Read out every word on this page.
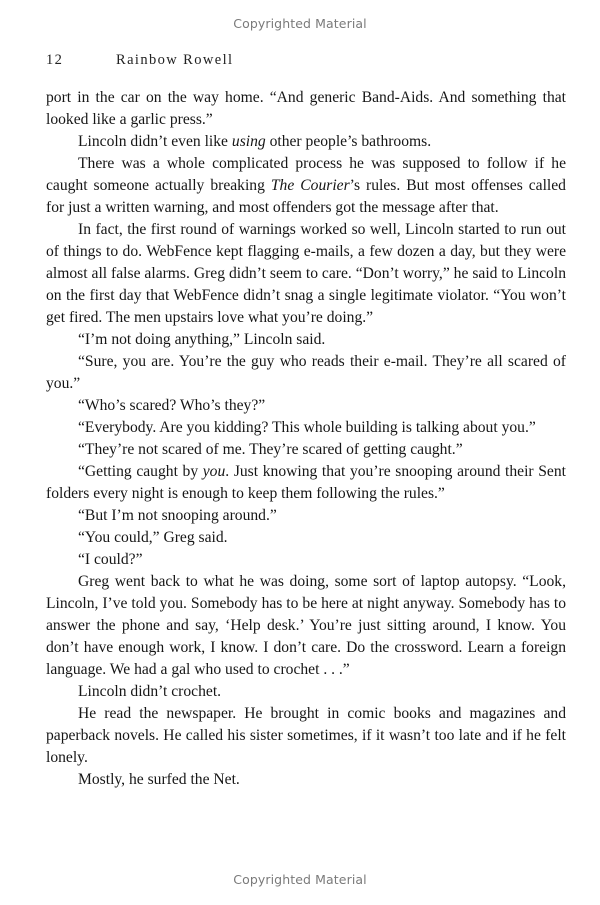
Copyrighted Material
12	Rainbow Rowell

port in the car on the way home. “And generic Band-Aids. And something that looked like a garlic press.”

Lincoln didn’t even like using other people’s bathrooms.

There was a whole complicated process he was supposed to follow if he caught someone actually breaking The Courier’s rules. But most offenses called for just a written warning, and most offenders got the message after that.

In fact, the first round of warnings worked so well, Lincoln started to run out of things to do. WebFence kept flagging e-mails, a few dozen a day, but they were almost all false alarms. Greg didn’t seem to care. “Don’t worry,” he said to Lincoln on the first day that WebFence didn’t snag a single legitimate violator. “You won’t get fired. The men upstairs love what you’re doing.”

“I’m not doing anything,” Lincoln said.

“Sure, you are. You’re the guy who reads their e-mail. They’re all scared of you.”

“Who’s scared? Who’s they?”

“Everybody. Are you kidding? This whole building is talking about you.”

“They’re not scared of me. They’re scared of getting caught.”

“Getting caught by you. Just knowing that you’re snooping around their Sent folders every night is enough to keep them following the rules.”

“But I’m not snooping around.”

“You could,” Greg said.

“I could?”

Greg went back to what he was doing, some sort of laptop autopsy. “Look, Lincoln, I’ve told you. Somebody has to be here at night anyway. Somebody has to answer the phone and say, ‘Help desk.’ You’re just sitting around, I know. You don’t have enough work, I know. I don’t care. Do the crossword. Learn a foreign language. We had a gal who used to crochet . . .”

Lincoln didn’t crochet.

He read the newspaper. He brought in comic books and magazines and paperback novels. He called his sister sometimes, if it wasn’t too late and if he felt lonely.

Mostly, he surfed the Net.

Copyrighted Material
